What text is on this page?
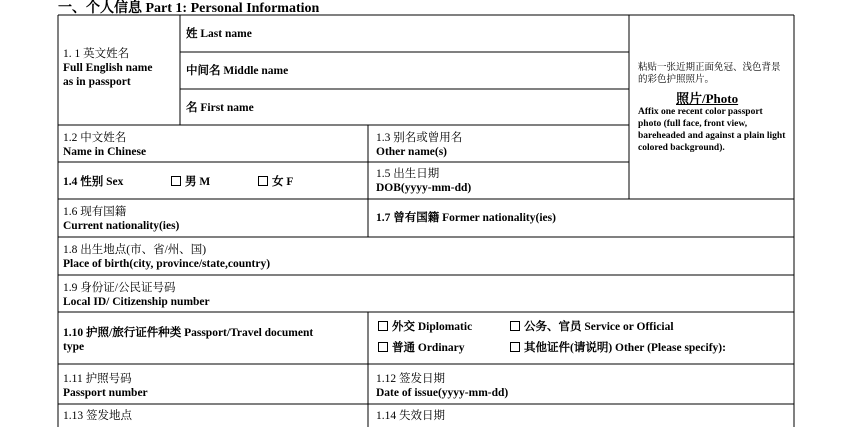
一、个人信息 Part 1: Personal Information
1. 1 英文姓名
Full English name
as in passport
姓 Last name
中间名 Middle name
名 First name
粘贴一张近期正面免冠、浅色背景的彩色护照照片。
照片/Photo
Affix one recent color passport photo (full face, front view, bareheaded and against a plain light colored background).
1.2 中文姓名
Name in Chinese
1.3 别名或曾用名
Other name(s)
1.4 性别 Sex	男 M	女 F
1.5 出生日期
DOB(yyyy-mm-dd)
1.6 现有国籍
Current nationality(ies)
1.7 曾有国籍 Former nationality(ies)
1.8 出生地点(市、省/州、国)
Place of birth(city, province/state,country)
1.9 身份证/公民证号码
Local ID/ Citizenship number
1.10 护照/旅行证件种类 Passport/Travel document
type
外交 Diplomatic	公务、官员 Service or Official
普通 Ordinary	其他证件(请说明) Other (Please specify):
1.11 护照号码
Passport number
1.12 签发日期
Date of issue(yyyy-mm-dd)
1.13 签发地点	1.14 失效日期
